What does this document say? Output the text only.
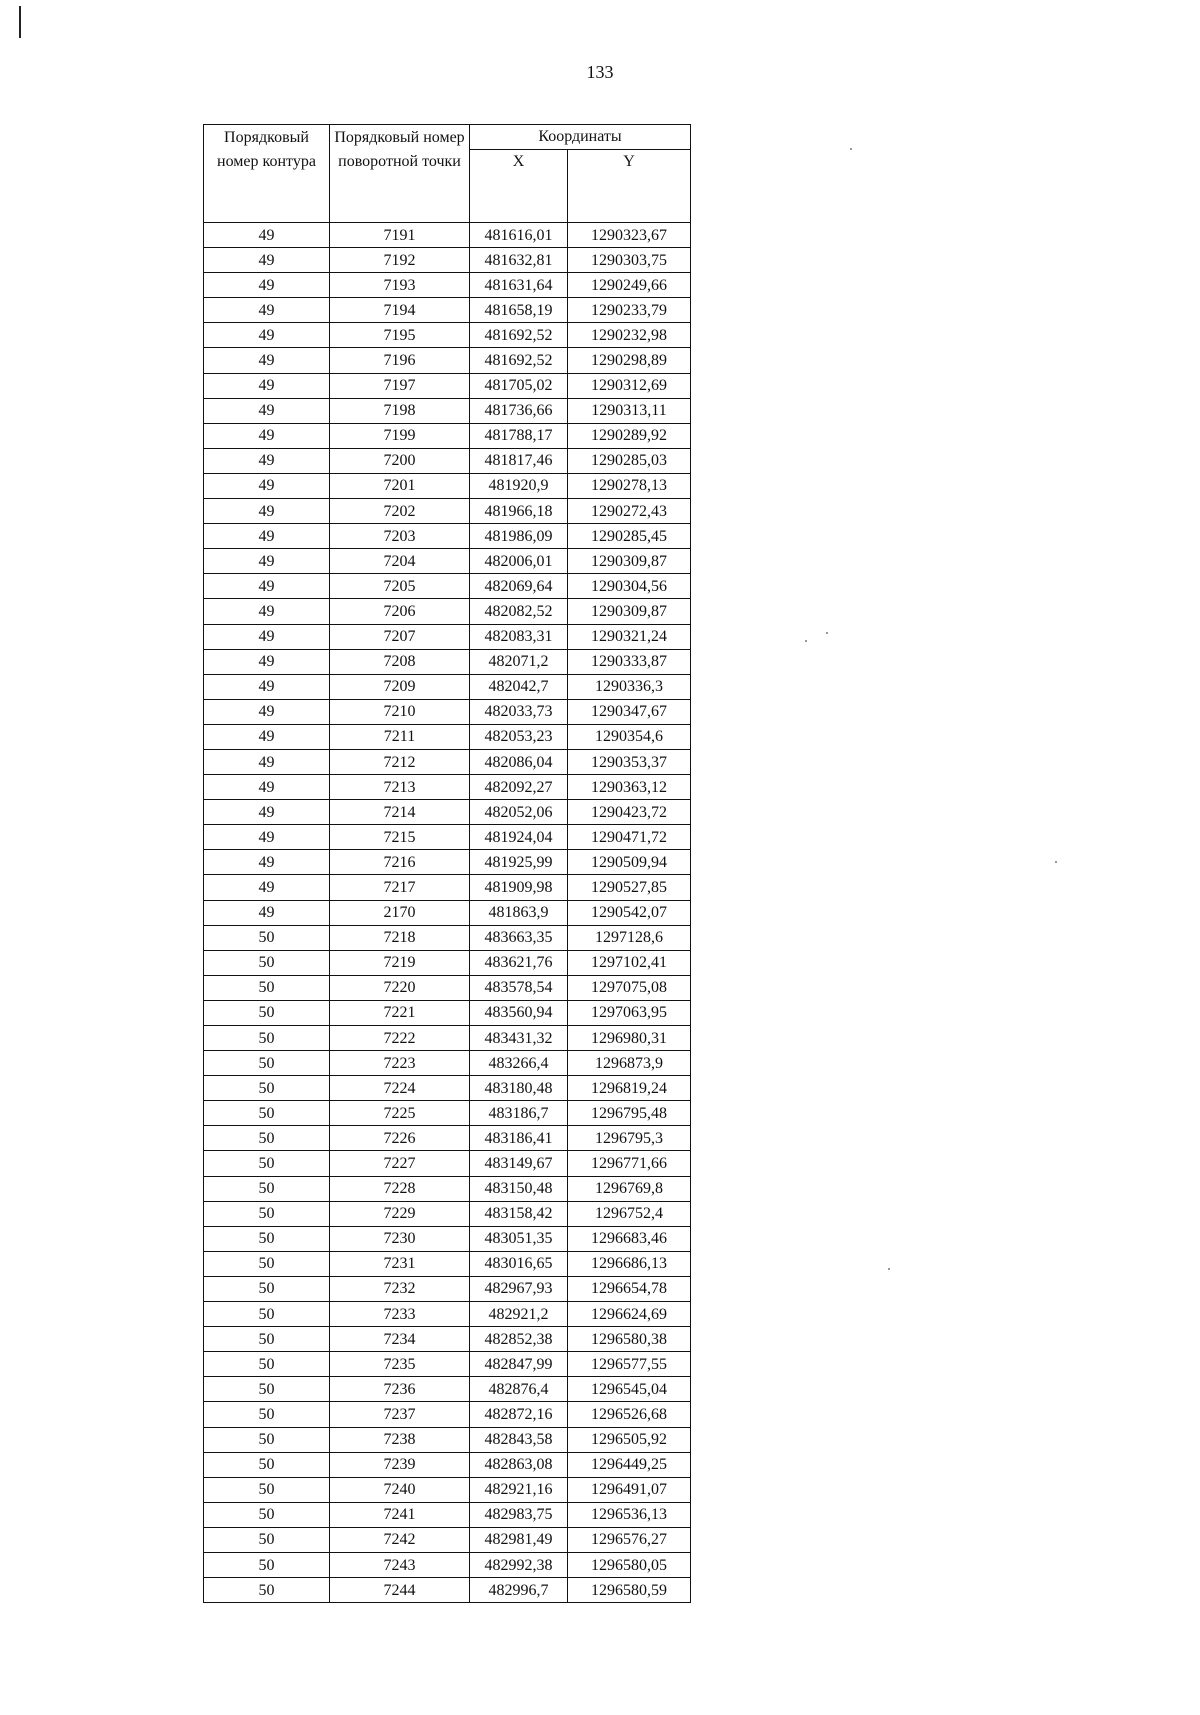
133
Порядковый номер контура	Порядковый номер поворотной точки	Координаты	
		X	Y
49	7191	481616,01	1290323,67
49	7192	481632,81	1290303,75
49	7193	481631,64	1290249,66
49	7194	481658,19	1290233,79
49	7195	481692,52	1290232,98
49	7196	481692,52	1290298,89
49	7197	481705,02	1290312,69
49	7198	481736,66	1290313,11
49	7199	481788,17	1290289,92
49	7200	481817,46	1290285,03
49	7201	481920,9	1290278,13
49	7202	481966,18	1290272,43
49	7203	481986,09	1290285,45
49	7204	482006,01	1290309,87
49	7205	482069,64	1290304,56
49	7206	482082,52	1290309,87
49	7207	482083,31	1290321,24
49	7208	482071,2	1290333,87
49	7209	482042,7	1290336,3
49	7210	482033,73	1290347,67
49	7211	482053,23	1290354,6
49	7212	482086,04	1290353,37
49	7213	482092,27	1290363,12
49	7214	482052,06	1290423,72
49	7215	481924,04	1290471,72
49	7216	481925,99	1290509,94
49	7217	481909,98	1290527,85
49	2170	481863,9	1290542,07
50	7218	483663,35	1297128,6
50	7219	483621,76	1297102,41
50	7220	483578,54	1297075,08
50	7221	483560,94	1297063,95
50	7222	483431,32	1296980,31
50	7223	483266,4	1296873,9
50	7224	483180,48	1296819,24
50	7225	483186,7	1296795,48
50	7226	483186,41	1296795,3
50	7227	483149,67	1296771,66
50	7228	483150,48	1296769,8
50	7229	483158,42	1296752,4
50	7230	483051,35	1296683,46
50	7231	483016,65	1296686,13
50	7232	482967,93	1296654,78
50	7233	482921,2	1296624,69
50	7234	482852,38	1296580,38
50	7235	482847,99	1296577,55
50	7236	482876,4	1296545,04
50	7237	482872,16	1296526,68
50	7238	482843,58	1296505,92
50	7239	482863,08	1296449,25
50	7240	482921,16	1296491,07
50	7241	482983,75	1296536,13
50	7242	482981,49	1296576,27
50	7243	482992,38	1296580,05
50	7244	482996,7	1296580,59
